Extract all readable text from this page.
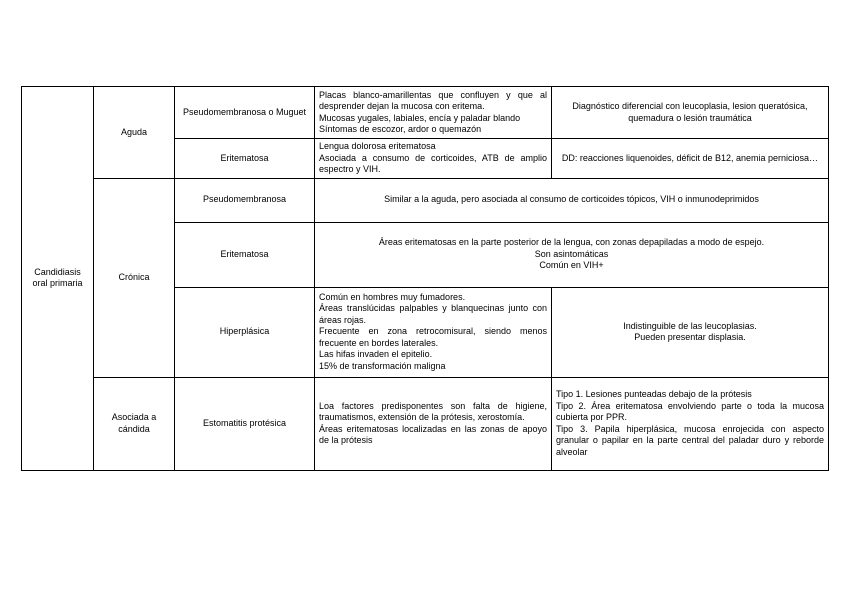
Candidiasis oral primaria	Aguda	Pseudomembranosa o Muguet	Placas blanco-amarillentas que confluyen y que al desprender dejan la mucosa con eritema.
Mucosas yugales, labiales, encía y paladar blando
Síntomas de escozor, ardor o quemazón	Diagnóstico diferencial con leucoplasia, lesion queratósica, quemadura o lesión traumática
		Eritematosa	Lengua dolorosa eritematosa
Asociada a consumo de corticoides, ATB de amplio espectro y VIH.	DD: reacciones liquenoides, déficit de B12, anemia perniciosa…
	Crónica	Pseudomembranosa	Similar a la aguda, pero asociada al consumo de corticoides tópicos, VIH o inmunodeprimidos	
		Eritematosa	Áreas eritematosas en la parte posterior de la lengua, con zonas depapiladas a modo de espejo.
Son asintomáticas
Común en VIH+	

		Hiperplásica	Común en hombres muy fumadores.
Áreas translúcidas palpables y blanquecinas junto con áreas rojas.
Frecuente en zona retrocomisural, siendo menos frecuente en bordes laterales.
Las hifas invaden el epitelio.
15% de transformación maligna	Indistinguible de las leucoplasias.
Pueden presentar displasia.

	Asociada a cándida	Estomatitis protésica	Loa factores predisponentes son falta de higiene, traumatismos, extensión de la prótesis, xerostomía.
Áreas eritematosas localizadas en las zonas de apoyo de la prótesis	Tipo 1. Lesiones punteadas debajo de la prótesis
Tipo 2. Área eritematosa envolviendo parte o toda la mucosa cubierta por PPR.
Tipo 3. Papila hiperplásica, mucosa enrojecida con aspecto granular o papilar en la parte central del paladar duro y reborde alveolar
